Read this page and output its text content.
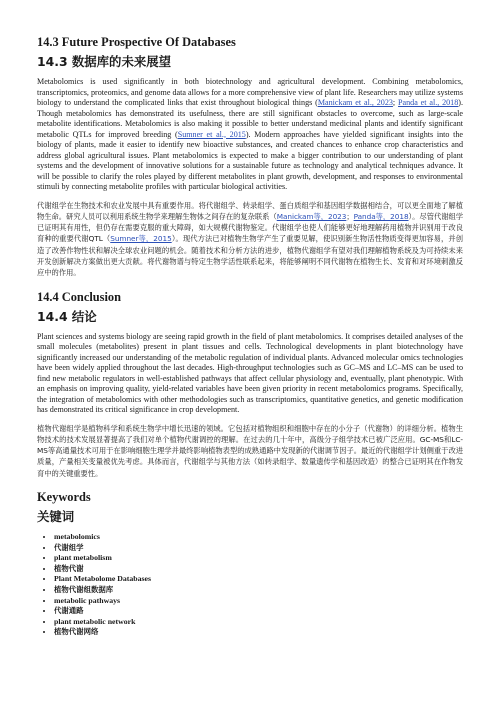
14.3 Future Prospective Of Databases
14.3 数据库的未来展望

Metabolomics is used significantly in both biotechnology and agricultural development. Combining metabolomics, transcriptomics, proteomics, and genome data allows for a more comprehensive view of plant life. Researchers may utilize systems biology to understand the complicated links that exist throughout biological things (Manickam et al., 2023; Panda et al., 2018). Though metabolomics has demonstrated its usefulness, there are still significant obstacles to overcome, such as large-scale metabolite identifications. Metabolomics is also making it possible to better understand medicinal plants and identify significant metabolic QTLs for improved breeding (Sumner et al., 2015). Modern approaches have yielded significant insights into the biology of plants, made it easier to identify new bioactive substances, and created chances to enhance crop characteristics and address global agricultural issues. Plant metabolomics is expected to make a bigger contribution to our understanding of plant systems and the development of innovative solutions for a sustainable future as technology and analytical techniques advance. It will be possible to clarify the roles played by different metabolites in plant growth, development, and responses to environmental stimuli by connecting metabolite profiles with particular biological activities.

代谢组学在生物技术和农业发展中具有重要作用。将代谢组学、转录组学、蛋白质组学和基因组学数据相结合，可以更全面地了解植物生命。研究人员可以利用系统生物学来理解生物体之间存在的复杂联系（Manickam等，2023；Panda等，2018）。尽管代谢组学已证明其有用性，但仍存在需要克服的重大障碍，如大规模代谢物鉴定。代谢组学也使人们能够更好地理解药用植物并识别用于改良育种的重要代谢QTL（Sumner等，2015）。现代方法已对植物生物学产生了重要见解，使识别新生物活性物质变得更加容易，并创造了改善作物性状和解决全球农业问题的机会。随着技术和分析方法的进步，植物代谢组学有望对我们理解植物系统及为可持续未来开发创新解决方案做出更大贡献。将代谢物谱与特定生物学活性联系起来，将能够阐明不同代谢物在植物生长、发育和对环境刺激反应中的作用。

14.4 Conclusion
14.4 结论

Plant sciences and systems biology are seeing rapid growth in the field of plant metabolomics. It comprises detailed analyses of the small molecules (metabolites) present in plant tissues and cells. Technological developments in plant biotechnology have significantly increased our understanding of the metabolic regulation of individual plants. Advanced molecular omics technologies have been widely applied throughout the last decades. High-throughput technologies such as GC–MS and LC–MS can be used to find new metabolic regulators in well-established pathways that affect cellular physiology and, eventually, plant phenotypic. With an emphasis on improving quality, yield-related variables have been given priority in recent metabolomics programs. Specifically, the integration of metabolomics with other methodologies such as transcriptomics, quantitative genetics, and genetic modification has demonstrated its critical significance in crop development.

植物代谢组学是植物科学和系统生物学中增长迅速的领域。它包括对植物组织和细胞中存在的小分子（代谢物）的详细分析。植物生物技术的技术发展显著提高了我们对单个植物代谢调控的理解。在过去的几十年中，高级分子组学技术已被广泛应用。GC-MS和LC-MS等高通量技术可用于在影响细胞生理学并最终影响植物表型的成熟通路中发现新的代谢调节因子。最近的代谢组学计划侧重于改进质量，产量相关变量被优先考虑。具体而言，代谢组学与其他方法（如转录组学、数量遗传学和基因改造）的整合已证明其在作物发育中的关键重要性。

Keywords
关键词
• metabolomics
• 代谢组学
• plant metabolism
• 植物代谢
• Plant Metabolome Databases
• 植物代谢组数据库
• metabolic pathways
• 代谢通路
• plant metabolic network
• 植物代谢网络
